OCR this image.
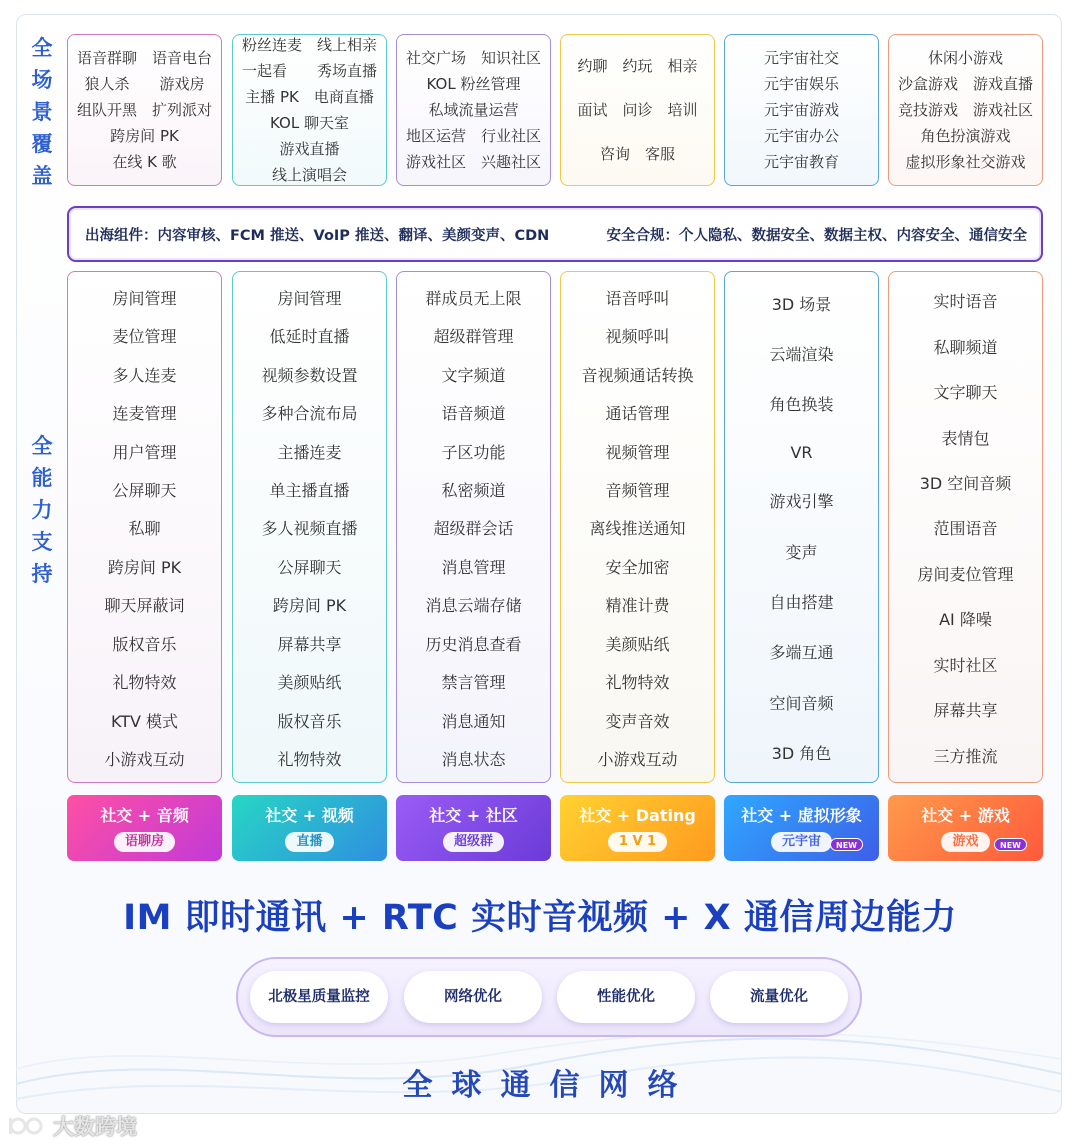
全
场
景
覆
盖
全
能
力
支
持
语音群聊　语音电台
狼人杀　　游戏房
组队开黑　扩列派对
跨房间 PK
在线 K 歌
粉丝连麦　线上相亲
一起看　　秀场直播
主播 PK　电商直播
KOL 聊天室
游戏直播
线上演唱会
社交广场　知识社区
KOL 粉丝管理
私域流量运营
地区运营　行业社区
游戏社区　兴趣社区
约聊　约玩　相亲
面试　问诊　培训
咨询　客服
元宇宙社交
元宇宙娱乐
元宇宙游戏
元宇宙办公
元宇宙教育
休闲小游戏
沙盒游戏　游戏直播
竞技游戏　游戏社区
角色扮演游戏
虚拟形象社交游戏
出海组件：内容审核、FCM 推送、VoIP 推送、翻译、美颜变声、CDN	安全合规：个人隐私、数据安全、数据主权、内容安全、通信安全
房间管理
麦位管理
多人连麦
连麦管理
用户管理
公屏聊天
私聊
跨房间 PK
聊天屏蔽词
版权音乐
礼物特效
KTV 模式
小游戏互动
房间管理
低延时直播
视频参数设置
多种合流布局
主播连麦
单主播直播
多人视频直播
公屏聊天
跨房间 PK
屏幕共享
美颜贴纸
版权音乐
礼物特效
群成员无上限
超级群管理
文字频道
语音频道
子区功能
私密频道
超级群会话
消息管理
消息云端存储
历史消息查看
禁言管理
消息通知
消息状态
语音呼叫
视频呼叫
音视频通话转换
通话管理
视频管理
音频管理
离线推送通知
安全加密
精准计费
美颜贴纸
礼物特效
变声音效
小游戏互动
3D 场景
云端渲染
角色换装
VR
游戏引擎
变声
自由搭建
多端互通
空间音频
3D 角色
实时语音
私聊频道
文字聊天
表情包
3D 空间音频
范围语音
房间麦位管理
AI 降噪
实时社区
屏幕共享
三方推流
社交 + 音频
语聊房
社交 + 视频
直播
社交 + 社区
超级群
社交 + Dating
1 V 1
社交 + 虚拟形象
元宇宙	NEW
社交 + 游戏
游戏	NEW
IM 即时通讯 + RTC 实时音视频 + X 通信周边能力
北极星质量监控	网络优化	性能优化	流量优化
全球通信网络
大数跨境
